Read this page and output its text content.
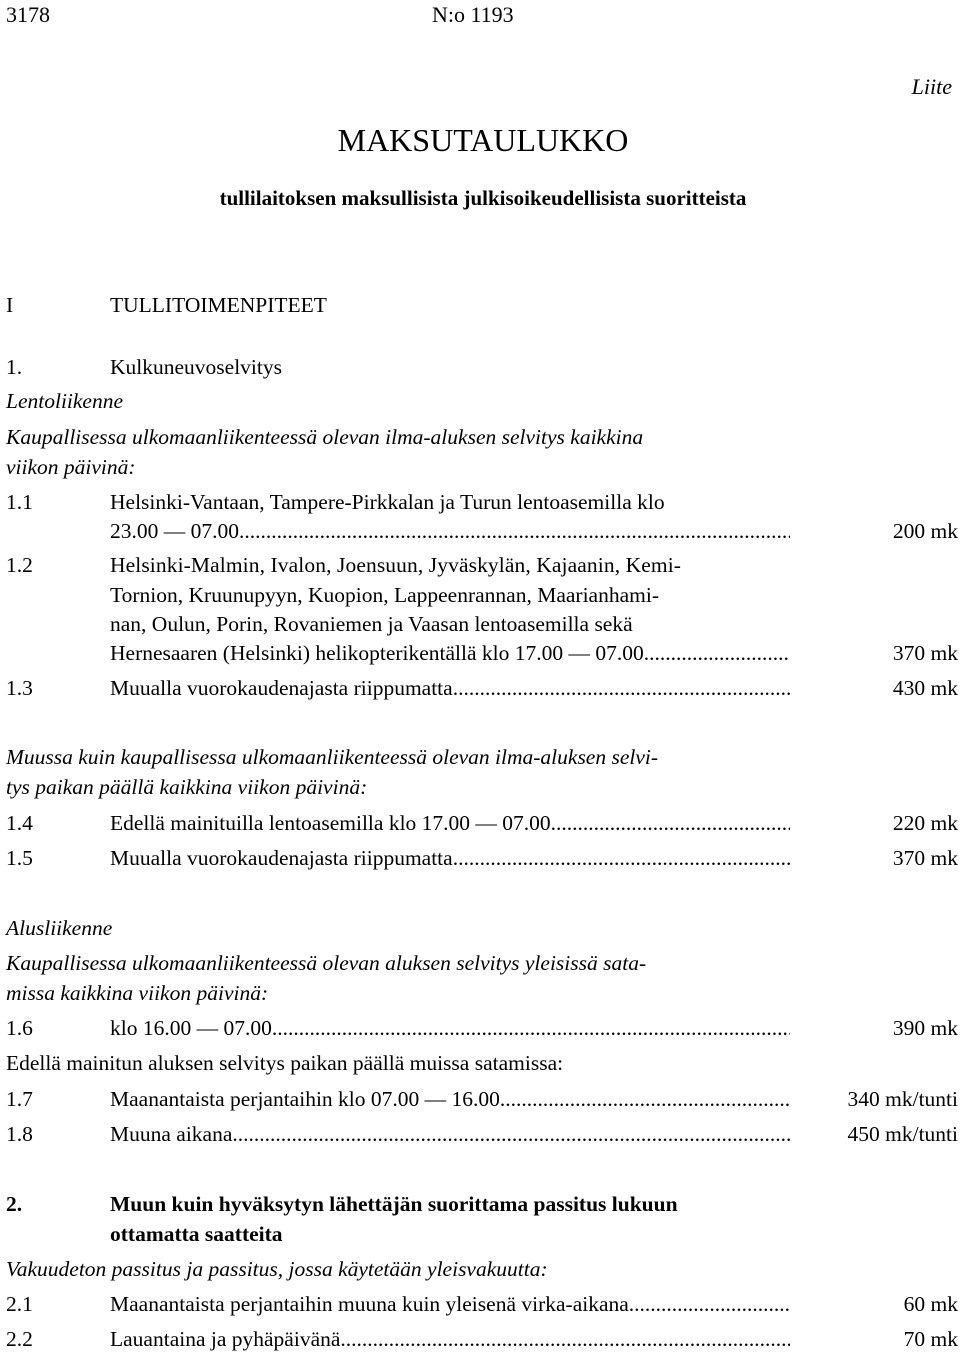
3178	N:o 1193
Liite
MAKSUTAULUKKO
tullilaitoksen maksullisista julkisoikeudellisista suoritteista
I	TULLITOIMENPITEET
1.	Kulkuneuvoselvitys
Lentoliikenne
Kaupallisessa ulkomaanliikenteessä olevan ilma-aluksen selvitys kaikkina
viikon päivinä:
1.1	Helsinki-Vantaan, Tampere-Pirkkalan ja Turun lentoasemilla klo
23.00 — 07.00 .....	200 mk
1.2	Helsinki-Malmin, Ivalon, Joensuun, Jyväskylän, Kajaanin, Kemi-
Tornion, Kruunupyyn, Kuopion, Lappeenrannan, Maarianhami-
nan, Oulun, Porin, Rovaniemen ja Vaasan lentoasemilla sekä
Hernesaaren (Helsinki) helikopterikentällä klo 17.00 — 07.00 .....	370 mk
1.3	Muualla vuorokaudenajasta riippumatta .....	430 mk
Muussa kuin kaupallisessa ulkomaanliikenteessä olevan ilma-aluksen selvi-
tys paikan päällä kaikkina viikon päivinä:
1.4	Edellä mainituilla lentoasemilla klo 17.00 — 07.00 .....	220 mk
1.5	Muualla vuorokaudenajasta riippumatta .....	370 mk
Alusliikenne
Kaupallisessa ulkomaanliikenteessä olevan aluksen selvitys yleisissä sata-
missa kaikkina viikon päivinä:
1.6	klo 16.00 — 07.00 .....	390 mk
Edellä mainitun aluksen selvitys paikan päällä muissa satamissa:
1.7	Maanantaista perjantaihin klo 07.00 — 16.00 .....	340 mk/tunti
1.8	Muuna aikana .....	450 mk/tunti
2.	Muun kuin hyväksytyn lähettäjän suorittama passitus lukuun
ottamatta saatteita
Vakuudeton passitus ja passitus, jossa käytetään yleisvakuutta:
2.1	Maanantaista perjantaihin muuna kuin yleisenä virka-aikana .....	60 mk
2.2	Lauantaina ja pyhäpäivänä .....	70 mk
